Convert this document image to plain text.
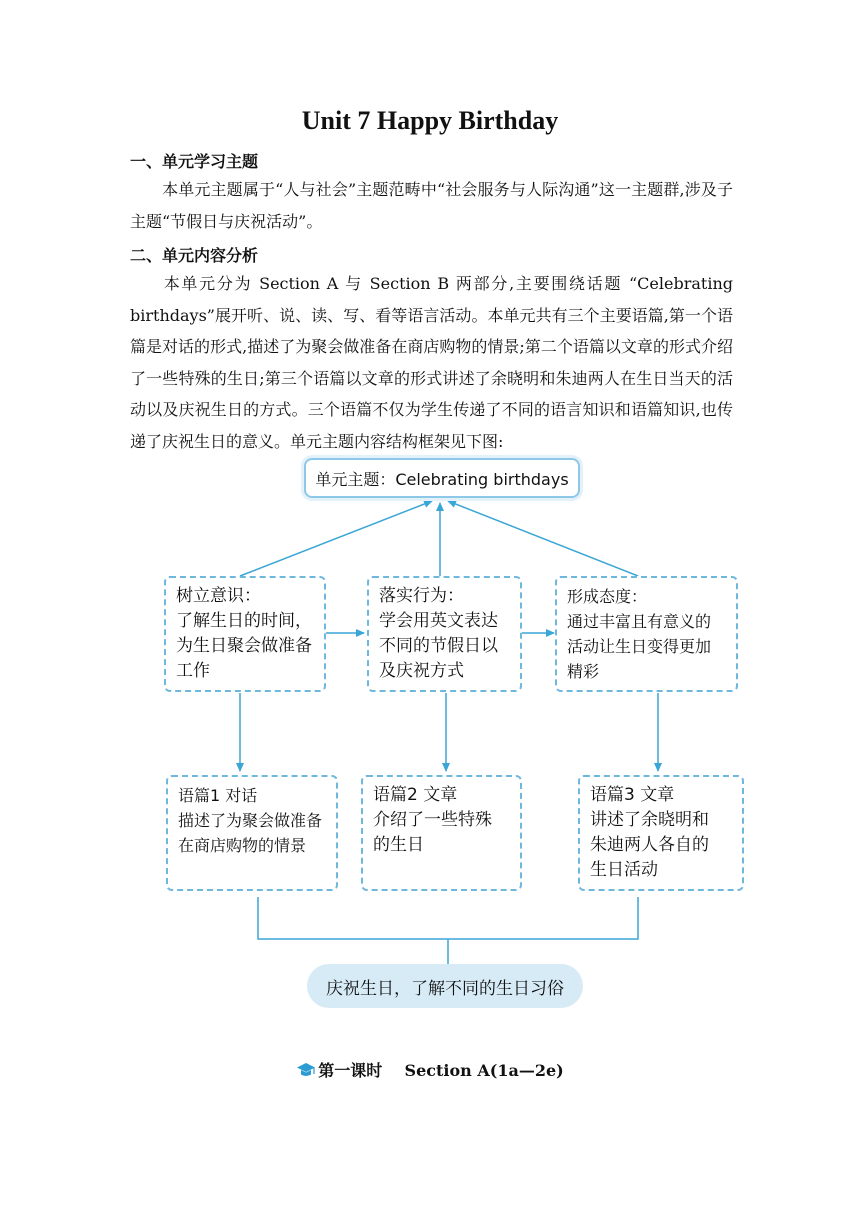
Unit 7 Happy Birthday
一、单元学习主题
本单元主题属于“人与社会”主题范畴中“社会服务与人际沟通”这一主题群,涉及子主题“节假日与庆祝活动”。
二、单元内容分析
本单元分为 Section A 与 Section B 两部分,主要围绕话题 “Celebrating birthdays”展开听、说、读、写、看等语言活动。本单元共有三个主要语篇,第一个语篇是对话的形式,描述了为聚会做准备在商店购物的情景;第二个语篇以文章的形式介绍了一些特殊的生日;第三个语篇以文章的形式讲述了余晓明和朱迪两人在生日当天的活动以及庆祝生日的方式。三个语篇不仅为学生传递了不同的语言知识和语篇知识,也传递了庆祝生日的意义。单元主题内容结构框架见下图:
单元主题：Celebrating birthdays
树立意识：
了解生日的时间，
为生日聚会做准备
工作
落实行为：
学会用英文表达
不同的节假日以
及庆祝方式
形成态度：
通过丰富且有意义的
活动让生日变得更加
精彩
语篇1 对话
描述了为聚会做准备
在商店购物的情景
语篇2 文章
介绍了一些特殊
的生日
语篇3 文章
讲述了余晓明和
朱迪两人各自的
生日活动
庆祝生日，了解不同的生日习俗
第一课时 Section A(1a—2e)
